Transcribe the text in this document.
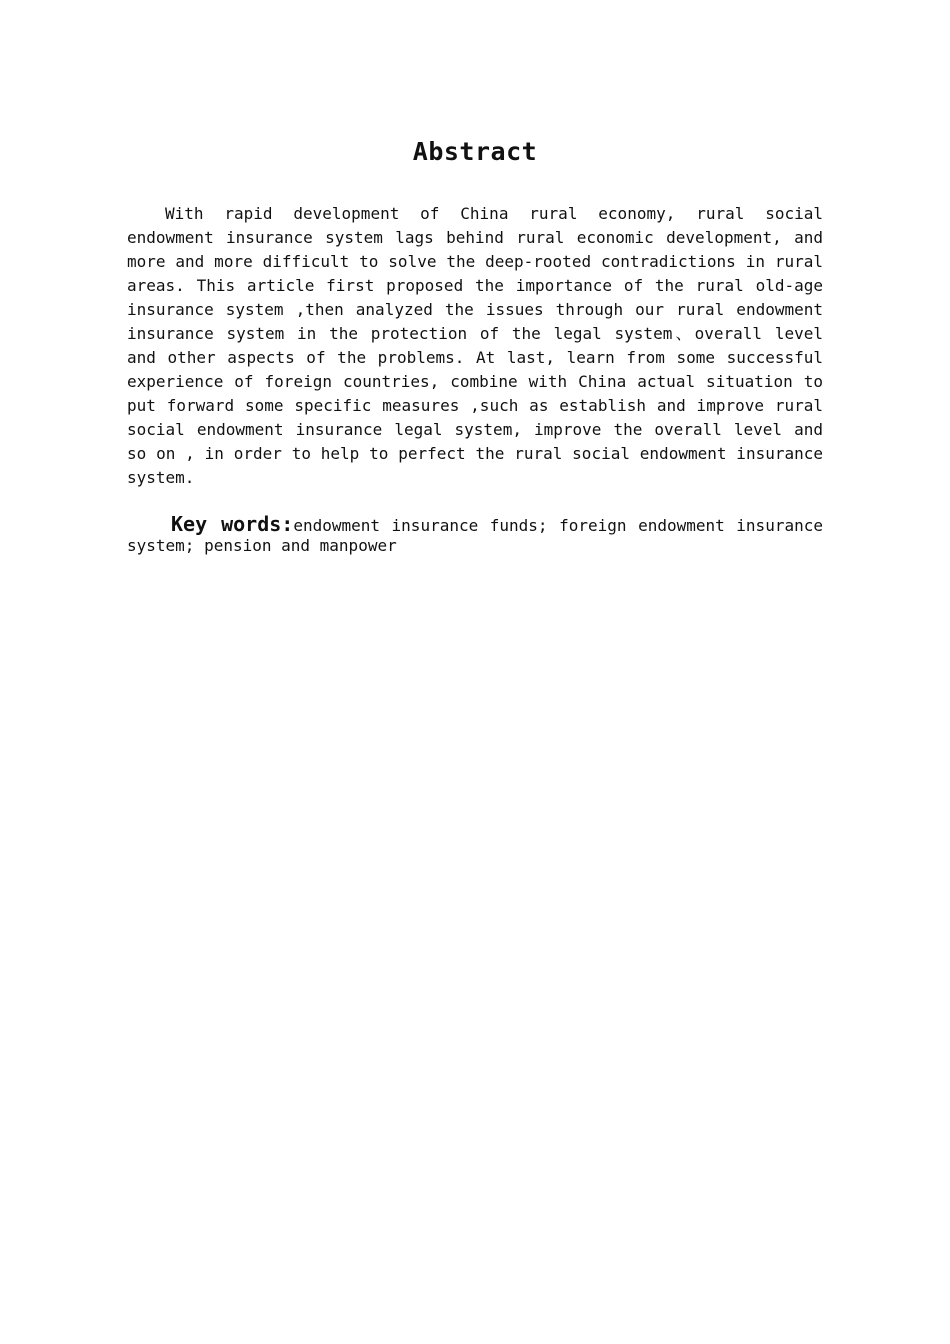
Abstract

With rapid development of China rural economy, rural social endowment insurance system lags behind rural economic development, and more and more difficult to solve the deep-rooted contradictions in rural areas. This article first proposed the importance of the rural old-age insurance system ,then analyzed the issues through our rural endowment insurance system in the protection of the legal system、overall level and other aspects of the problems. At last, learn from some successful experience of foreign countries, combine with China actual situation to put forward some specific measures ,such as establish and improve rural social endowment insurance legal system, improve the overall level and so on , in order to help to perfect the rural social endowment insurance system.

Key words:endowment insurance funds; foreign endowment insurance system; pension and manpower
